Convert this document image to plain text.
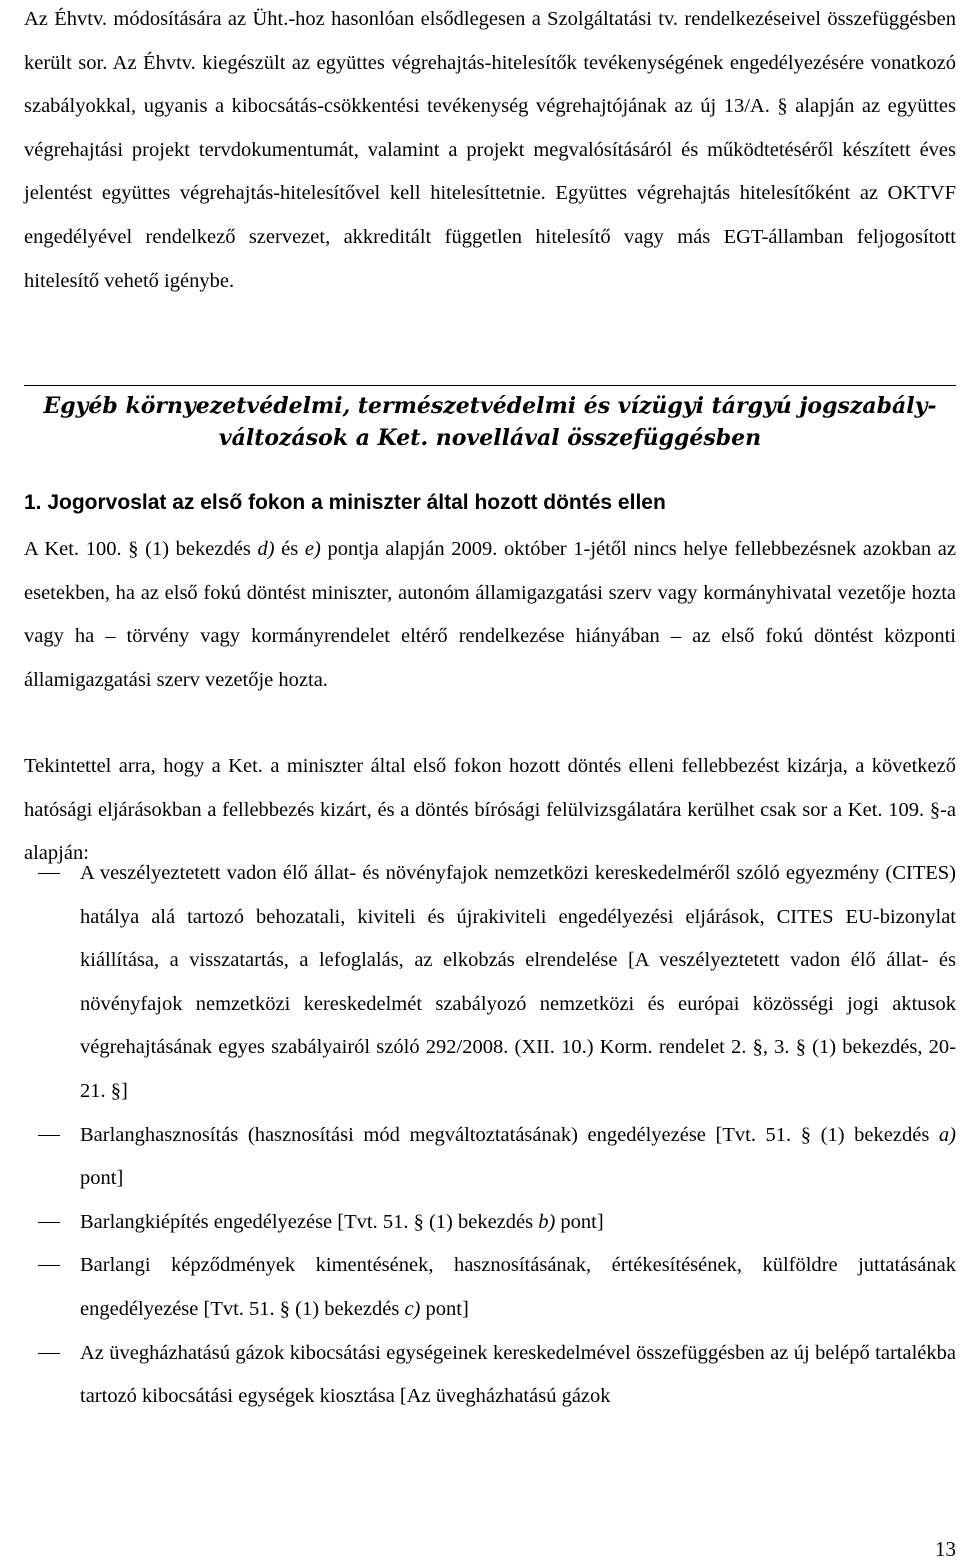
Az Éhvtv. módosítására az Üht.-hoz hasonlóan elsődlegesen a Szolgáltatási tv. rendelkezéseivel összefüggésben került sor. Az Éhvtv. kiegészült az együttes végrehajtás-hitelesítők tevékenységének engedélyezésére vonatkozó szabályokkal, ugyanis a kibocsátás-csökkentési tevékenység végrehajtójának az új 13/A. § alapján az együttes végrehajtási projekt tervdokumentumát, valamint a projekt megvalósításáról és működtetéséről készített éves jelentést együttes végrehajtás-hitelesítővel kell hitelesíttetnie. Együttes végrehajtás hitelesítőként az OKTVF engedélyével rendelkező szervezet, akkreditált független hitelesítő vagy más EGT-államban feljogosított hitelesítő vehető igénybe.

Egyéb környezetvédelmi, természetvédelmi és vízügyi tárgyú jogszabály-változások a Ket. novellával összefüggésben
1. Jogorvoslat az első fokon a miniszter által hozott döntés ellen

A Ket. 100. § (1) bekezdés d) és e) pontja alapján 2009. október 1-jétől nincs helye fellebbezésnek azokban az esetekben, ha az első fokú döntést miniszter, autonóm államigazgatási szerv vagy kormányhivatal vezetője hozta vagy ha – törvény vagy kormányrendelet eltérő rendelkezése hiányában – az első fokú döntést központi államigazgatási szerv vezetője hozta.

Tekintettel arra, hogy a Ket. a miniszter által első fokon hozott döntés elleni fellebbezést kizárja, a következő hatósági eljárásokban a fellebbezés kizárt, és a döntés bírósági felülvizsgálatára kerülhet csak sor a Ket. 109. §-a alapján:

A veszélyeztetett vadon élő állat- és növényfajok nemzetközi kereskedelméről szóló egyezmény (CITES) hatálya alá tartozó behozatali, kiviteli és újrakiviteli engedélyezési eljárások, CITES EU-bizonylat kiállítása, a visszatartás, a lefoglalás, az elkobzás elrendelése [A veszélyeztetett vadon élő állat- és növényfajok nemzetközi kereskedelmét szabályozó nemzetközi és európai közösségi jogi aktusok végrehajtásának egyes szabályairól szóló 292/2008. (XII. 10.) Korm. rendelet 2. §, 3. § (1) bekezdés, 20-21. §]
Barlanghasznosítás (hasznosítási mód megváltoztatásának) engedélyezése [Tvt. 51. § (1) bekezdés a) pont]
Barlangkiépítés engedélyezése [Tvt. 51. § (1) bekezdés b) pont]
Barlangi képződmények kimentésének, hasznosításának, értékesítésének, külföldre juttatásának engedélyezése [Tvt. 51. § (1) bekezdés c) pont]
Az üvegházhatású gázok kibocsátási egységeinek kereskedelmével összefüggésben az új belépő tartalékba tartozó kibocsátási egységek kiosztása [Az üvegházhatású gázok
13
